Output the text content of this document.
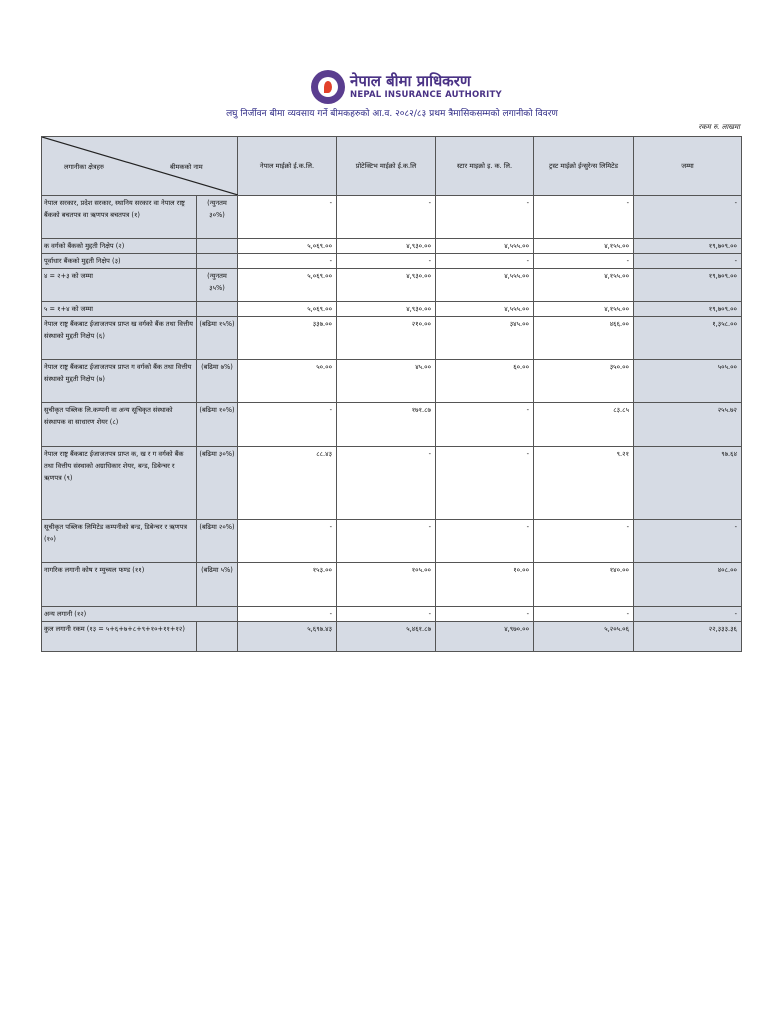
नेपाल बीमा प्राधिकरण
NEPAL INSURANCE AUTHORITY
लघु निर्जीवन बीमा व्यवसाय गर्ने बीमकहरुको आ.व. २०८२/८३ प्रथम त्रैमासिकसम्मको लगानीको विवरण
रकम रु. लाखमा
लगानीका क्षेत्रहरु बीमकको नाम		नेपाल माईक्रो ई.क.लि.	प्रोटेक्टिभ माईक्रो ई.क.लि	स्टार माइक्रो इ. क. लि.	ट्रस्ट माईक्रो ईन्सुरेन्स लिमिटेड	जम्मा
नेपाल सरकार, प्रदेश सरकार, स्थानिय सरकार वा नेपाल राष्ट्र बैंकको बचतपत्र वा ऋणपत्र बचतपत्र (१)	(न्युनतम ३०%)	-	-	-	-	-
क वर्गको बैंकको मुद्दती निक्षेप (२)		५,०६९.००	४,९३०.००	४,५५५.००	४,१५५.००	१९,७०९.००
पूर्वाधार बैंकको मुद्दती निक्षेप (३)		-	-	-	-	-
४ = २+३ को जम्मा	(न्युनतम ३५%)	५,०६९.००	४,९३०.००	४,५५५.००	४,१५५.००	१९,७०९.००
५ = १+४ को जम्मा		५,०६९.००	४,९३०.००	४,५५५.००	४,१५५.००	१९,७०९.००
नेपाल राष्ट्र बैंकबाट ईजाजतपत्र प्राप्त ख वर्गको बैंक तथा वित्तीय संस्थाको मुद्दती निक्षेप (६)	(बढिमा १५%)	३३७.००	२१०.००	३४५.००	४६६.००	१,३५८.००
नेपाल राष्ट्र बैंकबाट ईजाजतपत्र प्राप्त ग वर्गको बैंक तथा वित्तीय संस्थाको मुद्दती निक्षेप (७)	(बढिमा ७%)	५०.००	४५.००	६०.००	३५०.००	५०५.००
सुचीकृत पब्लिक लि.कम्पनी वा अन्य सूचिकृत संस्थाको संस्थापक वा साधारण शेयर (८)	(बढिमा १०%)	-	१७१.८७	-	८३.८५	२५५.७२
नेपाल राष्ट्र बैंकबाट ईजाजतपत्र प्राप्त क, ख र ग वर्गको बैंक तथा वित्तीय संस्थाको अग्राधिकार शेयर, बन्ड, डिबेन्चर र ऋणपत्र (९)	(बढिमा ३०%)	८८.४३	-	-	९.२१	९७.६४
सूचीकृत पब्लिक लिमिटेड कम्पनीको बन्ड, डिबेन्चर र ऋणपत्र (१०)	(बढिमा २०%)	-	-	-	-	-
नागरिक लगानी कोष र म्युच्यल फण्ड (११)	(बढिमा ५%)	१५३.००	१०५.००	१०.००	१४०.००	४०८.००
अन्य लगानी (१२)		-	-	-	-	-
कुल लगानी रकम (१३ = ५+६+७+८+९+१०+११+१२)		५,६९७.४३	५,४६१.८७	४,९७०.००	५,२०५.०६	२२,३३३.३६
